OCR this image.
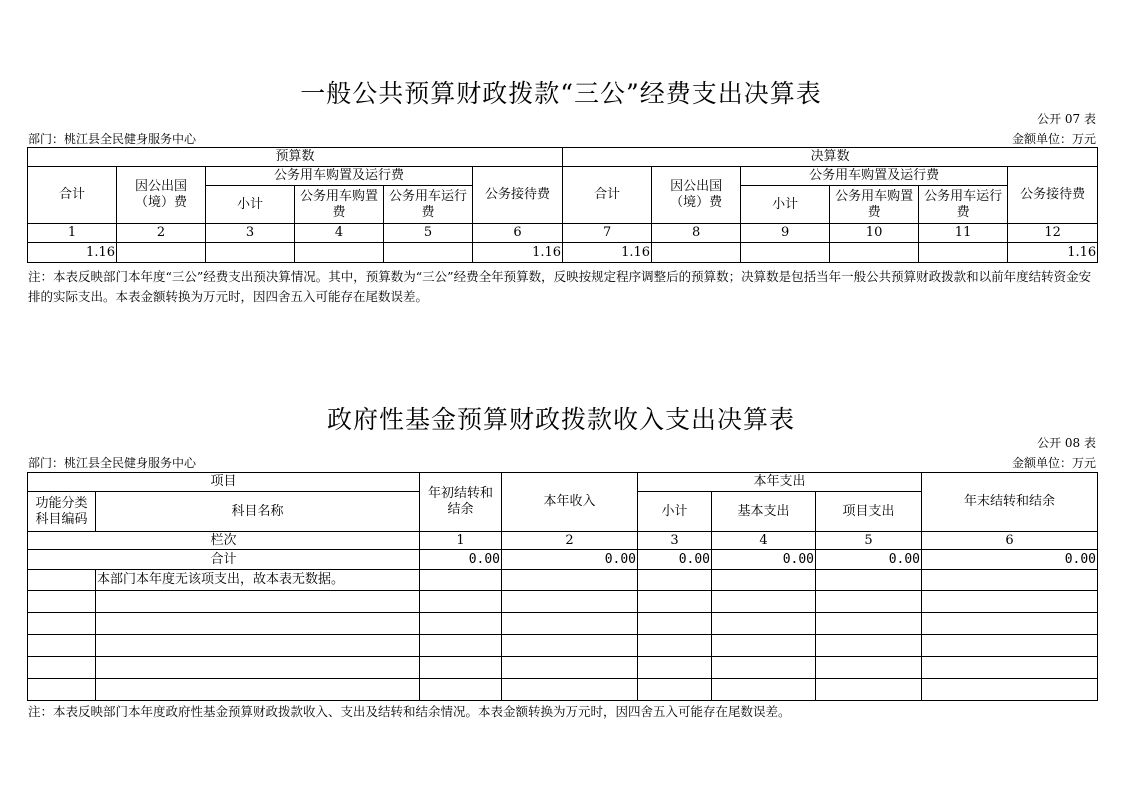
一般公共预算财政拨款“三公”经费支出决算表
公开 07 表
部门：桃江县全民健身服务中心	金额单位：万元
预算数						决算数					
合计	因公出国（境）费	公务用车购置及运行费			公务接待费	合计	因公出国（境）费	公务用车购置及运行费			公务接待费
		小计	公务用车购置费	公务用车运行费				小计	公务用车购置费	公务用车运行费	
1	2	3	4	5	6	7	8	9	10	11	12
1.16					1.16	1.16					1.16
注：本表反映部门本年度“三公”经费支出预决算情况。其中，预算数为“三公”经费全年预算数，反映按规定程序调整后的预算数；决算数是包括当年一般公共预算财政拨款和以前年度结转资金安排的实际支出。本表金额转换为万元时，因四舍五入可能存在尾数误差。
政府性基金预算财政拨款收入支出决算表
公开 08 表
部门：桃江县全民健身服务中心	金额单位：万元
项目		年初结转和结余	本年收入	本年支出			年末结转和结余
功能分类科目编码	科目名称			小计	基本支出	项目支出	
栏次		1	2	3	4	5	6
合计		0.00	0.00	0.00	0.00	0.00	0.00
	本部门本年度无该项支出，故本表无数据。						

注：本表反映部门本年度政府性基金预算财政拨款收入、支出及结转和结余情况。本表金额转换为万元时，因四舍五入可能存在尾数误差。
